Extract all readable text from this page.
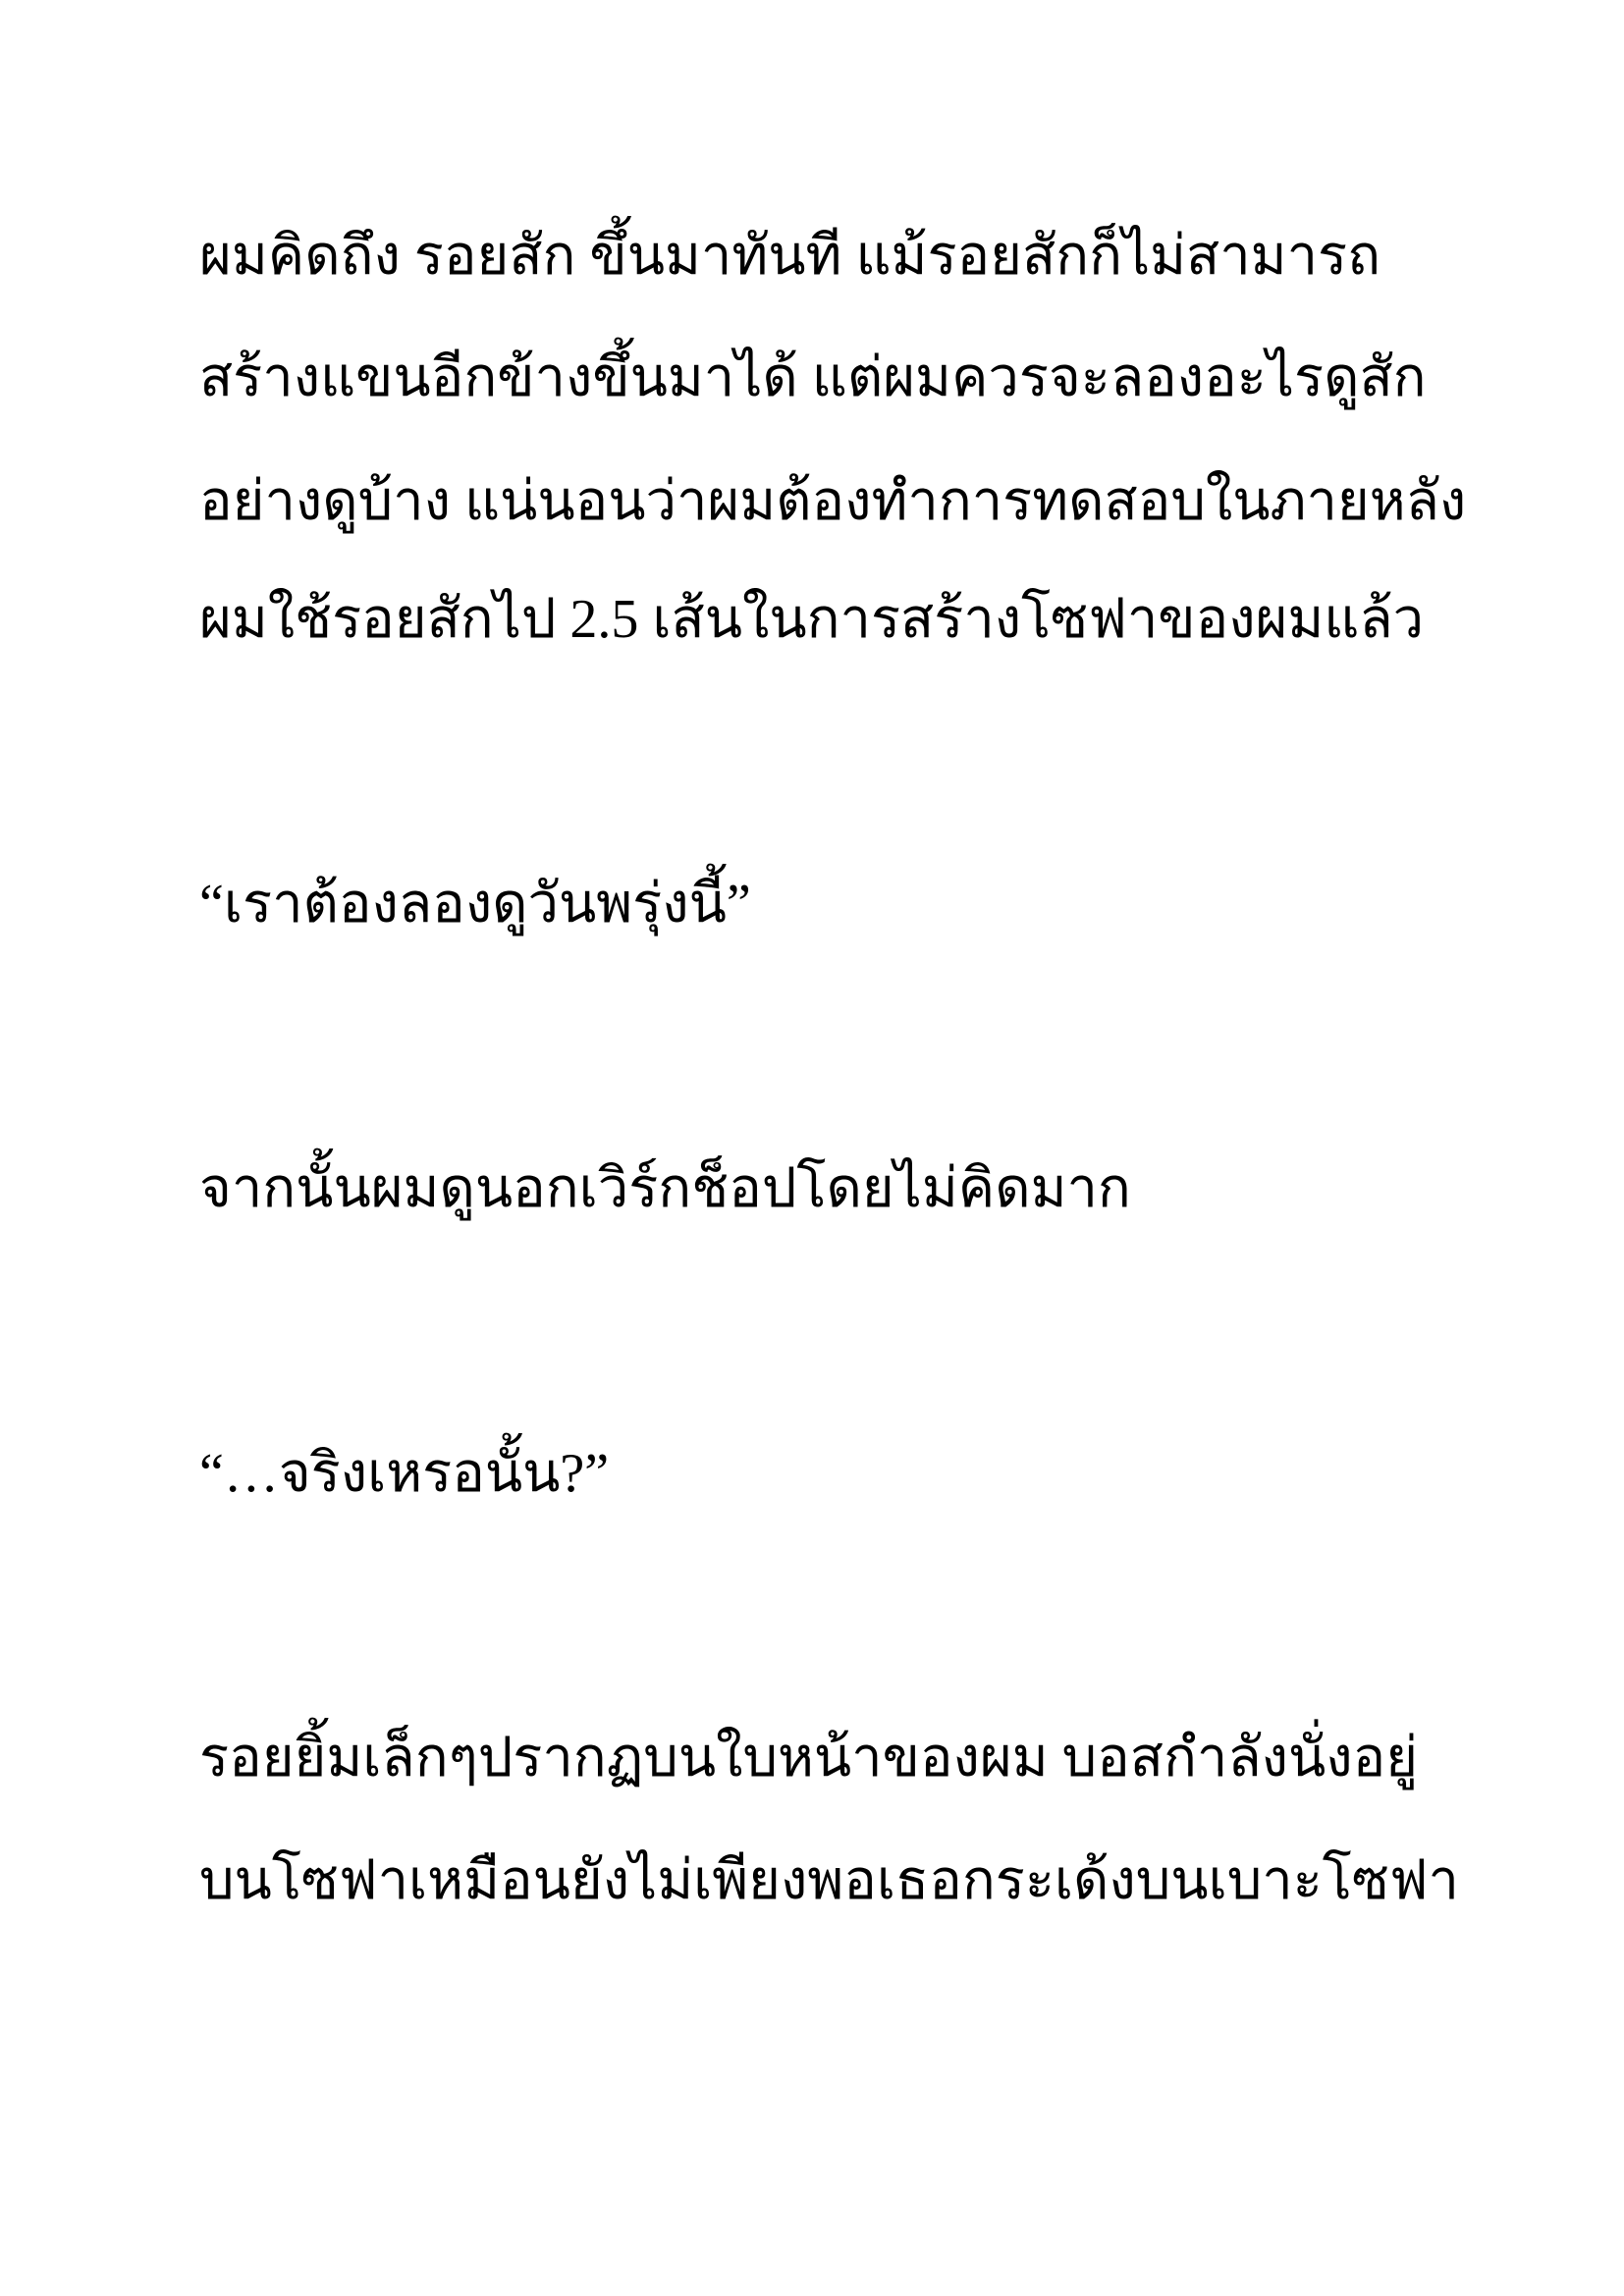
ผมคิดถึง รอยสัก ขึ้นมาทันที แม้รอยสักก็ไม่สามารถ
สร้างแขนอีกข้างขึ้นมาได้ แต่ผมควรจะลองอะไรดูสัก
อย่างดูบ้าง แน่นอนว่าผมต้องทำการทดสอบในภายหลัง
ผมใช้รอยสักไป 2.5 เส้นในการสร้างโซฟาของผมแล้ว
“เราต้องลองดูวันพรุ่งนี้”
จากนั้นผมดูนอกเวิร์กช็อปโดยไม่คิดมาก
“…จริงเหรอนั้น?”
รอยยิ้มเล็กๆปรากฏบนใบหน้าของผม บอสกำลังนั่งอยู่
บนโซฟาเหมือนยังไม่เพียงพอเธอกระเด้งบนเบาะโซฟา
